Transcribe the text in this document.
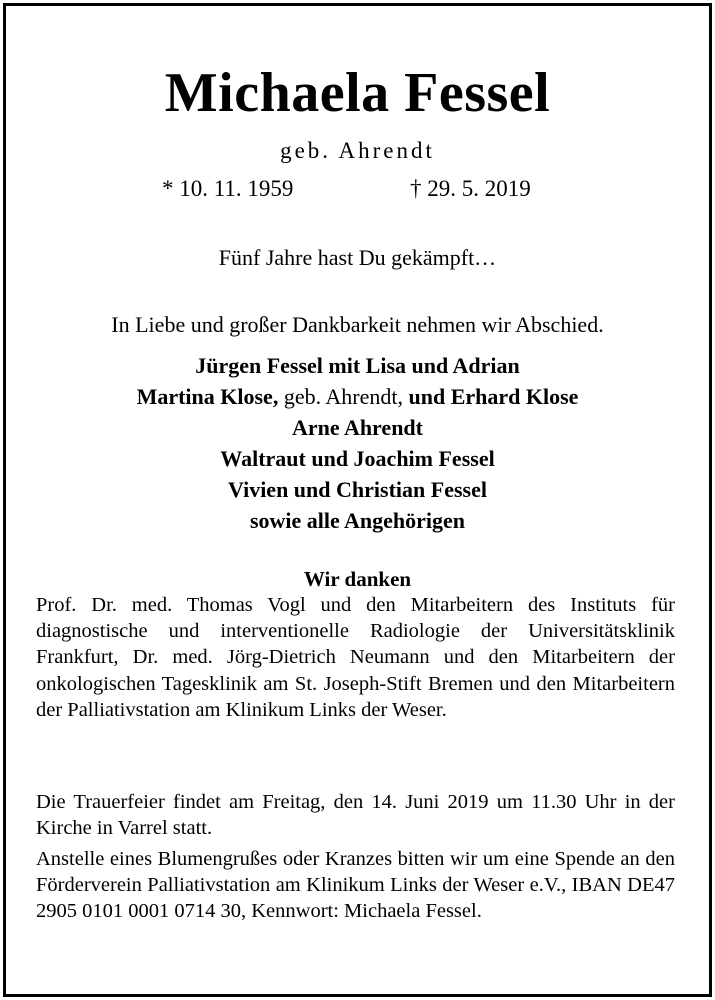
Michaela Fessel
geb. Ahrendt
* 10. 11. 1959	† 29. 5. 2019
Fünf Jahre hast Du gekämpft…
In Liebe und großer Dankbarkeit nehmen wir Abschied.
Jürgen Fessel mit Lisa und Adrian
Martina Klose, geb. Ahrendt, und Erhard Klose
Arne Ahrendt
Waltraut und Joachim Fessel
Vivien und Christian Fessel
sowie alle Angehörigen
Wir danken
Prof. Dr. med. Thomas Vogl und den Mitarbeitern des Instituts für diagnostische und interventionelle Radiologie der Universitätsklinik Frankfurt, Dr. med. Jörg-Dietrich Neumann und den Mitarbeitern der onkologischen Tagesklinik am St. Joseph-Stift Bremen und den Mitarbeitern der Palliativstation am Klinikum Links der Weser.
Die Trauerfeier findet am Freitag, den 14. Juni 2019 um 11.30 Uhr in der Kirche in Varrel statt.
Anstelle eines Blumengrußes oder Kranzes bitten wir um eine Spende an den Förderverein Palliativstation am Klinikum Links der Weser e.V., IBAN DE47 2905 0101 0001 0714 30, Kennwort: Michaela Fessel.
